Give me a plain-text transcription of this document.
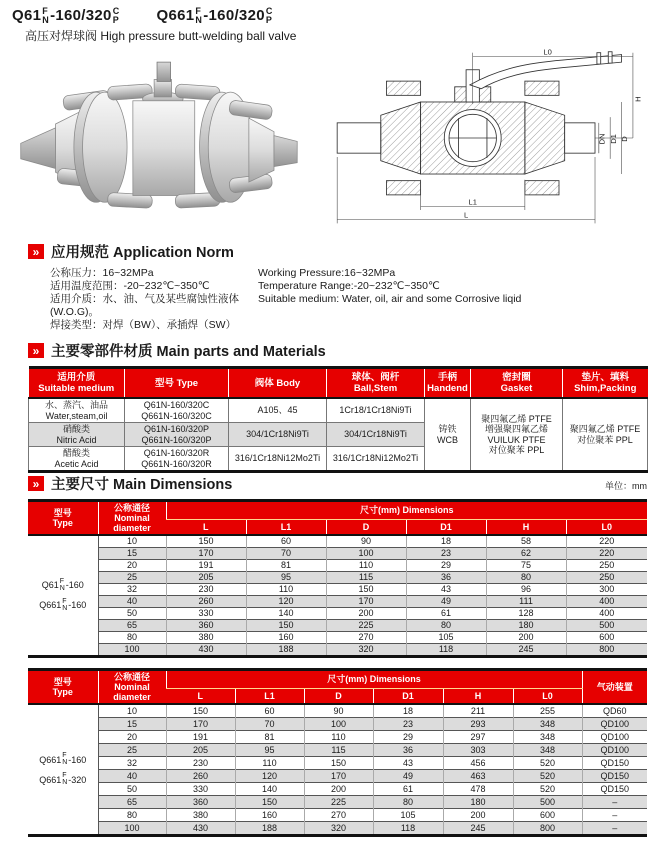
Q61 F
N -160/320 C
P	Q661 F
N -160/320 C
P
高压对焊球阀 High pressure butt-welding ball valve
L0
H
DN D1 D
L1
L
» 应用规范 Application Norm
公称压力：16~32MPa
适用温度范围：-20~232℃~350℃
适用介质：水、油、气及某些腐蚀性液体(W.O.G)。
焊接类型：对焊（BW）、承插焊（SW）
Working Pressure:16~32MPa
Temperature Range:-20~232℃~350℃
Suitable medium: Water, oil, air and some Corrosive liqid
» 主要零部件材质 Main parts and Materials
适用介质
Suitable medium	型号 Type	阀体 Body	球体、阀杆
Ball,Stem	手柄
Handend	密封圈
Gasket	垫片、填料
Shim,Packing
水、蒸汽、油品
Water,steam,oil	Q61N-160/320C
Q661N-160/320C	A105、45	1Cr18/1Cr18Ni9Ti	铸铁
WCB	聚四氟乙烯 PTFE
增强聚四氟乙烯
VUILUK PTFE
对位聚苯 PPL	聚四氟乙烯 PTFE
对位聚苯 PPL
硝酸类
Nitric Acid	Q61N-160/320P
Q661N-160/320P	304/1Cr18Ni9Ti	304/1Cr18Ni9Ti			
醋酸类
Acetic Acid	Q61N-160/320R
Q661N-160/320R	316/1Cr18Ni12Mo2Ti	316/1Cr18Ni12Mo2Ti			
» 主要尺寸 Main Dimensions	单位：mm
型号
Type	公称通径
Nominal
diameter	尺寸(mm) Dimensions					
		L	L1	D	D1	H	L0

Q61 F
N -160
Q661 F
N -160
	10	150	60	90	18	58	220
	15	170	70	100	23	62	220
	20	191	81	110	29	75	250
	25	205	95	115	36	80	250
	32	230	110	150	43	96	300
	40	260	120	170	49	111	400
	50	330	140	200	61	128	400
	65	360	150	225	80	180	500
	80	380	160	270	105	200	600
	100	430	188	320	118	245	800
型号
Type	公称通径
Nominal
diameter	尺寸(mm) Dimensions						气动装置
		L	L1	D	D1	H	L0	

Q661 F
N -160
Q661 F
N -320
	10	150	60	90	18	211	255	QD60
	15	170	70	100	23	293	348	QD100
	20	191	81	110	29	297	348	QD100
	25	205	95	115	36	303	348	QD100
	32	230	110	150	43	456	520	QD150
	40	260	120	170	49	463	520	QD150
	50	330	140	200	61	478	520	QD150
	65	360	150	225	80	180	500	–
	80	380	160	270	105	200	600	–
	100	430	188	320	118	245	800	–
